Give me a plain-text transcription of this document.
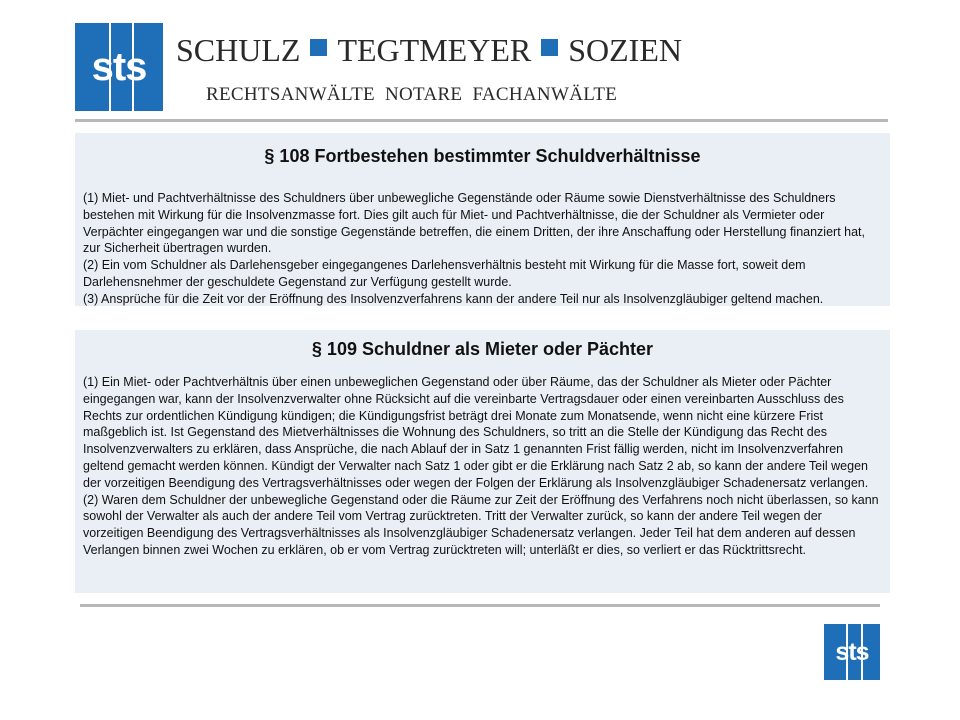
sts SCHULZ TEGTMEYER SOZIEN
RECHTSANWÄLTE  NOTARE  FACHANWÄLTE
§ 108 Fortbestehen bestimmter Schuldverhältnisse

(1) Miet- und Pachtverhältnisse des Schuldners über unbewegliche Gegenstände oder Räume sowie Dienstverhältnisse des Schuldners bestehen mit Wirkung für die Insolvenzmasse fort. Dies gilt auch für Miet- und Pachtverhältnisse, die der Schuldner als Vermieter oder Verpächter eingegangen war und die sonstige Gegenstände betreffen, die einem Dritten, der ihre Anschaffung oder Herstellung finanziert hat, zur Sicherheit übertragen wurden.

(2) Ein vom Schuldner als Darlehensgeber eingegangenes Darlehensverhältnis besteht mit Wirkung für die Masse fort, soweit dem Darlehensnehmer der geschuldete Gegenstand zur Verfügung gestellt wurde.

(3) Ansprüche für die Zeit vor der Eröffnung des Insolvenzverfahrens kann der andere Teil nur als Insolvenzgläubiger geltend machen.

§ 109 Schuldner als Mieter oder Pächter

(1) Ein Miet- oder Pachtverhältnis über einen unbeweglichen Gegenstand oder über Räume, das der Schuldner als Mieter oder Pächter eingegangen war, kann der Insolvenzverwalter ohne Rücksicht auf die vereinbarte Vertragsdauer oder einen vereinbarten Ausschluss des Rechts zur ordentlichen Kündigung kündigen; die Kündigungsfrist beträgt drei Monate zum Monatsende, wenn nicht eine kürzere Frist maßgeblich ist. Ist Gegenstand des Mietverhältnisses die Wohnung des Schuldners, so tritt an die Stelle der Kündigung das Recht des Insolvenzverwalters zu erklären, dass Ansprüche, die nach Ablauf der in Satz 1 genannten Frist fällig werden, nicht im Insolvenzverfahren geltend gemacht werden können. Kündigt der Verwalter nach Satz 1 oder gibt er die Erklärung nach Satz 2 ab, so kann der andere Teil wegen der vorzeitigen Beendigung des Vertragsverhältnisses oder wegen der Folgen der Erklärung als Insolvenzgläubiger Schadenersatz verlangen.

(2) Waren dem Schuldner der unbewegliche Gegenstand oder die Räume zur Zeit der Eröffnung des Verfahrens noch nicht überlassen, so kann sowohl der Verwalter als auch der andere Teil vom Vertrag zurücktreten. Tritt der Verwalter zurück, so kann der andere Teil wegen der vorzeitigen Beendigung des Vertragsverhältnisses als Insolvenzgläubiger Schadenersatz verlangen. Jeder Teil hat dem anderen auf dessen Verlangen binnen zwei Wochen zu erklären, ob er vom Vertrag zurücktreten will; unterläßt er dies, so verliert er das Rücktrittsrecht.

sts
